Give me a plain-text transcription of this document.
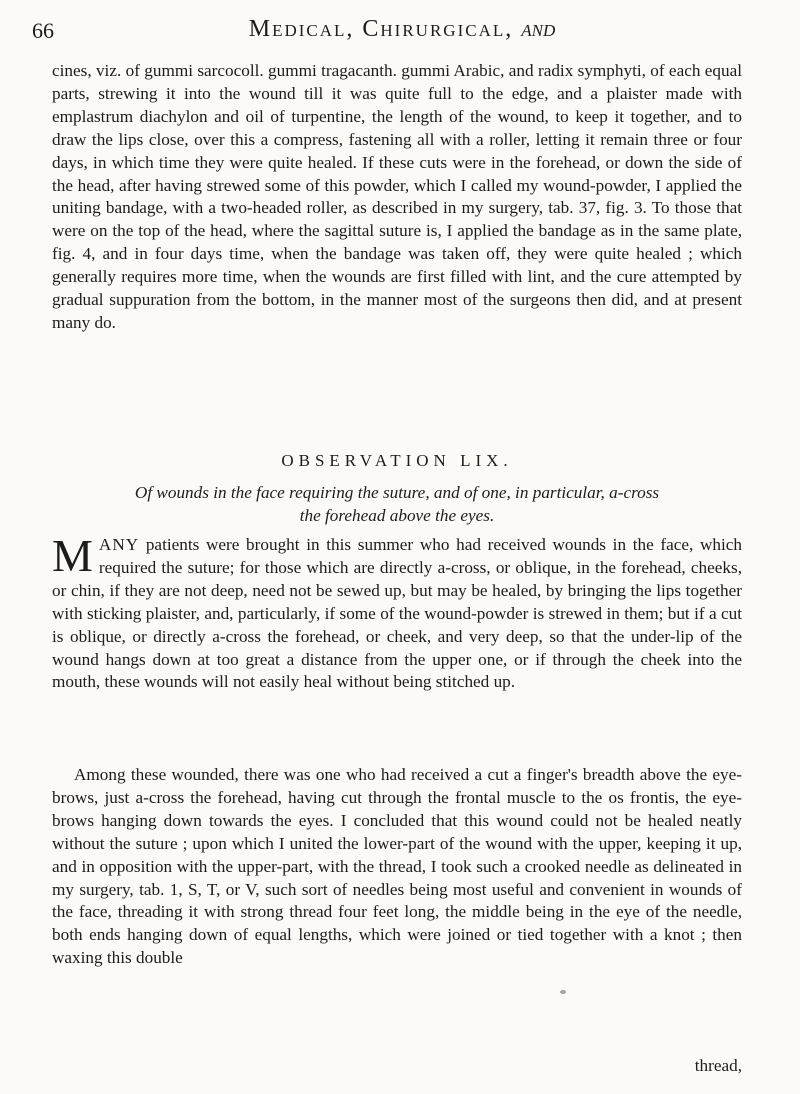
66	Medical, Chirurgical, and

cines, viz. of gummi sarcocoll. gummi tragacanth. gummi Arabic, and radix symphyti, of each equal parts, strewing it into the wound till it was quite full to the edge, and a plaister made with emplastrum diachylon and oil of turpentine, the length of the wound, to keep it together, and to draw the lips close, over this a compress, fastening all with a roller, letting it remain three or four days, in which time they were quite healed. If these cuts were in the forehead, or down the side of the head, after having strewed some of this powder, which I called my wound-powder, I applied the uniting bandage, with a two-headed roller, as described in my surgery, tab. 37, fig. 3. To those that were on the top of the head, where the sagittal suture is, I applied the bandage as in the same plate, fig. 4, and in four days time, when the bandage was taken off, they were quite healed ; which generally requires more time, when the wounds are first filled with lint, and the cure attempted by gradual suppuration from the bottom, in the manner most of the surgeons then did, and at present many do.

OBSERVATION LIX.
Of wounds in the face requiring the suture, and of one, in particular, a-cross
the forehead above the eyes.

MANY patients were brought in this summer who had received wounds in the face, which required the suture; for those which are directly a-cross, or oblique, in the forehead, cheeks, or chin, if they are not deep, need not be sewed up, but may be healed, by bringing the lips together with sticking plaister, and, particularly, if some of the wound-powder is strewed in them; but if a cut is oblique, or directly a-cross the forehead, or cheek, and very deep, so that the under-lip of the wound hangs down at too great a distance from the upper one, or if through the cheek into the mouth, these wounds will not easily heal without being stitched up.

Among these wounded, there was one who had received a cut a finger's breadth above the eye-brows, just a-cross the forehead, having cut through the frontal muscle to the os frontis, the eye-brows hanging down towards the eyes. I concluded that this wound could not be healed neatly without the suture ; upon which I united the lower-part of the wound with the upper, keeping it up, and in opposition with the upper-part, with the thread, I took such a crooked needle as delineated in my surgery, tab. 1, S, T, or V, such sort of needles being most useful and convenient in wounds of the face, threading it with strong thread four feet long, the middle being in the eye of the needle, both ends hanging down of equal lengths, which were joined or tied together with a knot ; then waxing this double

thread,
